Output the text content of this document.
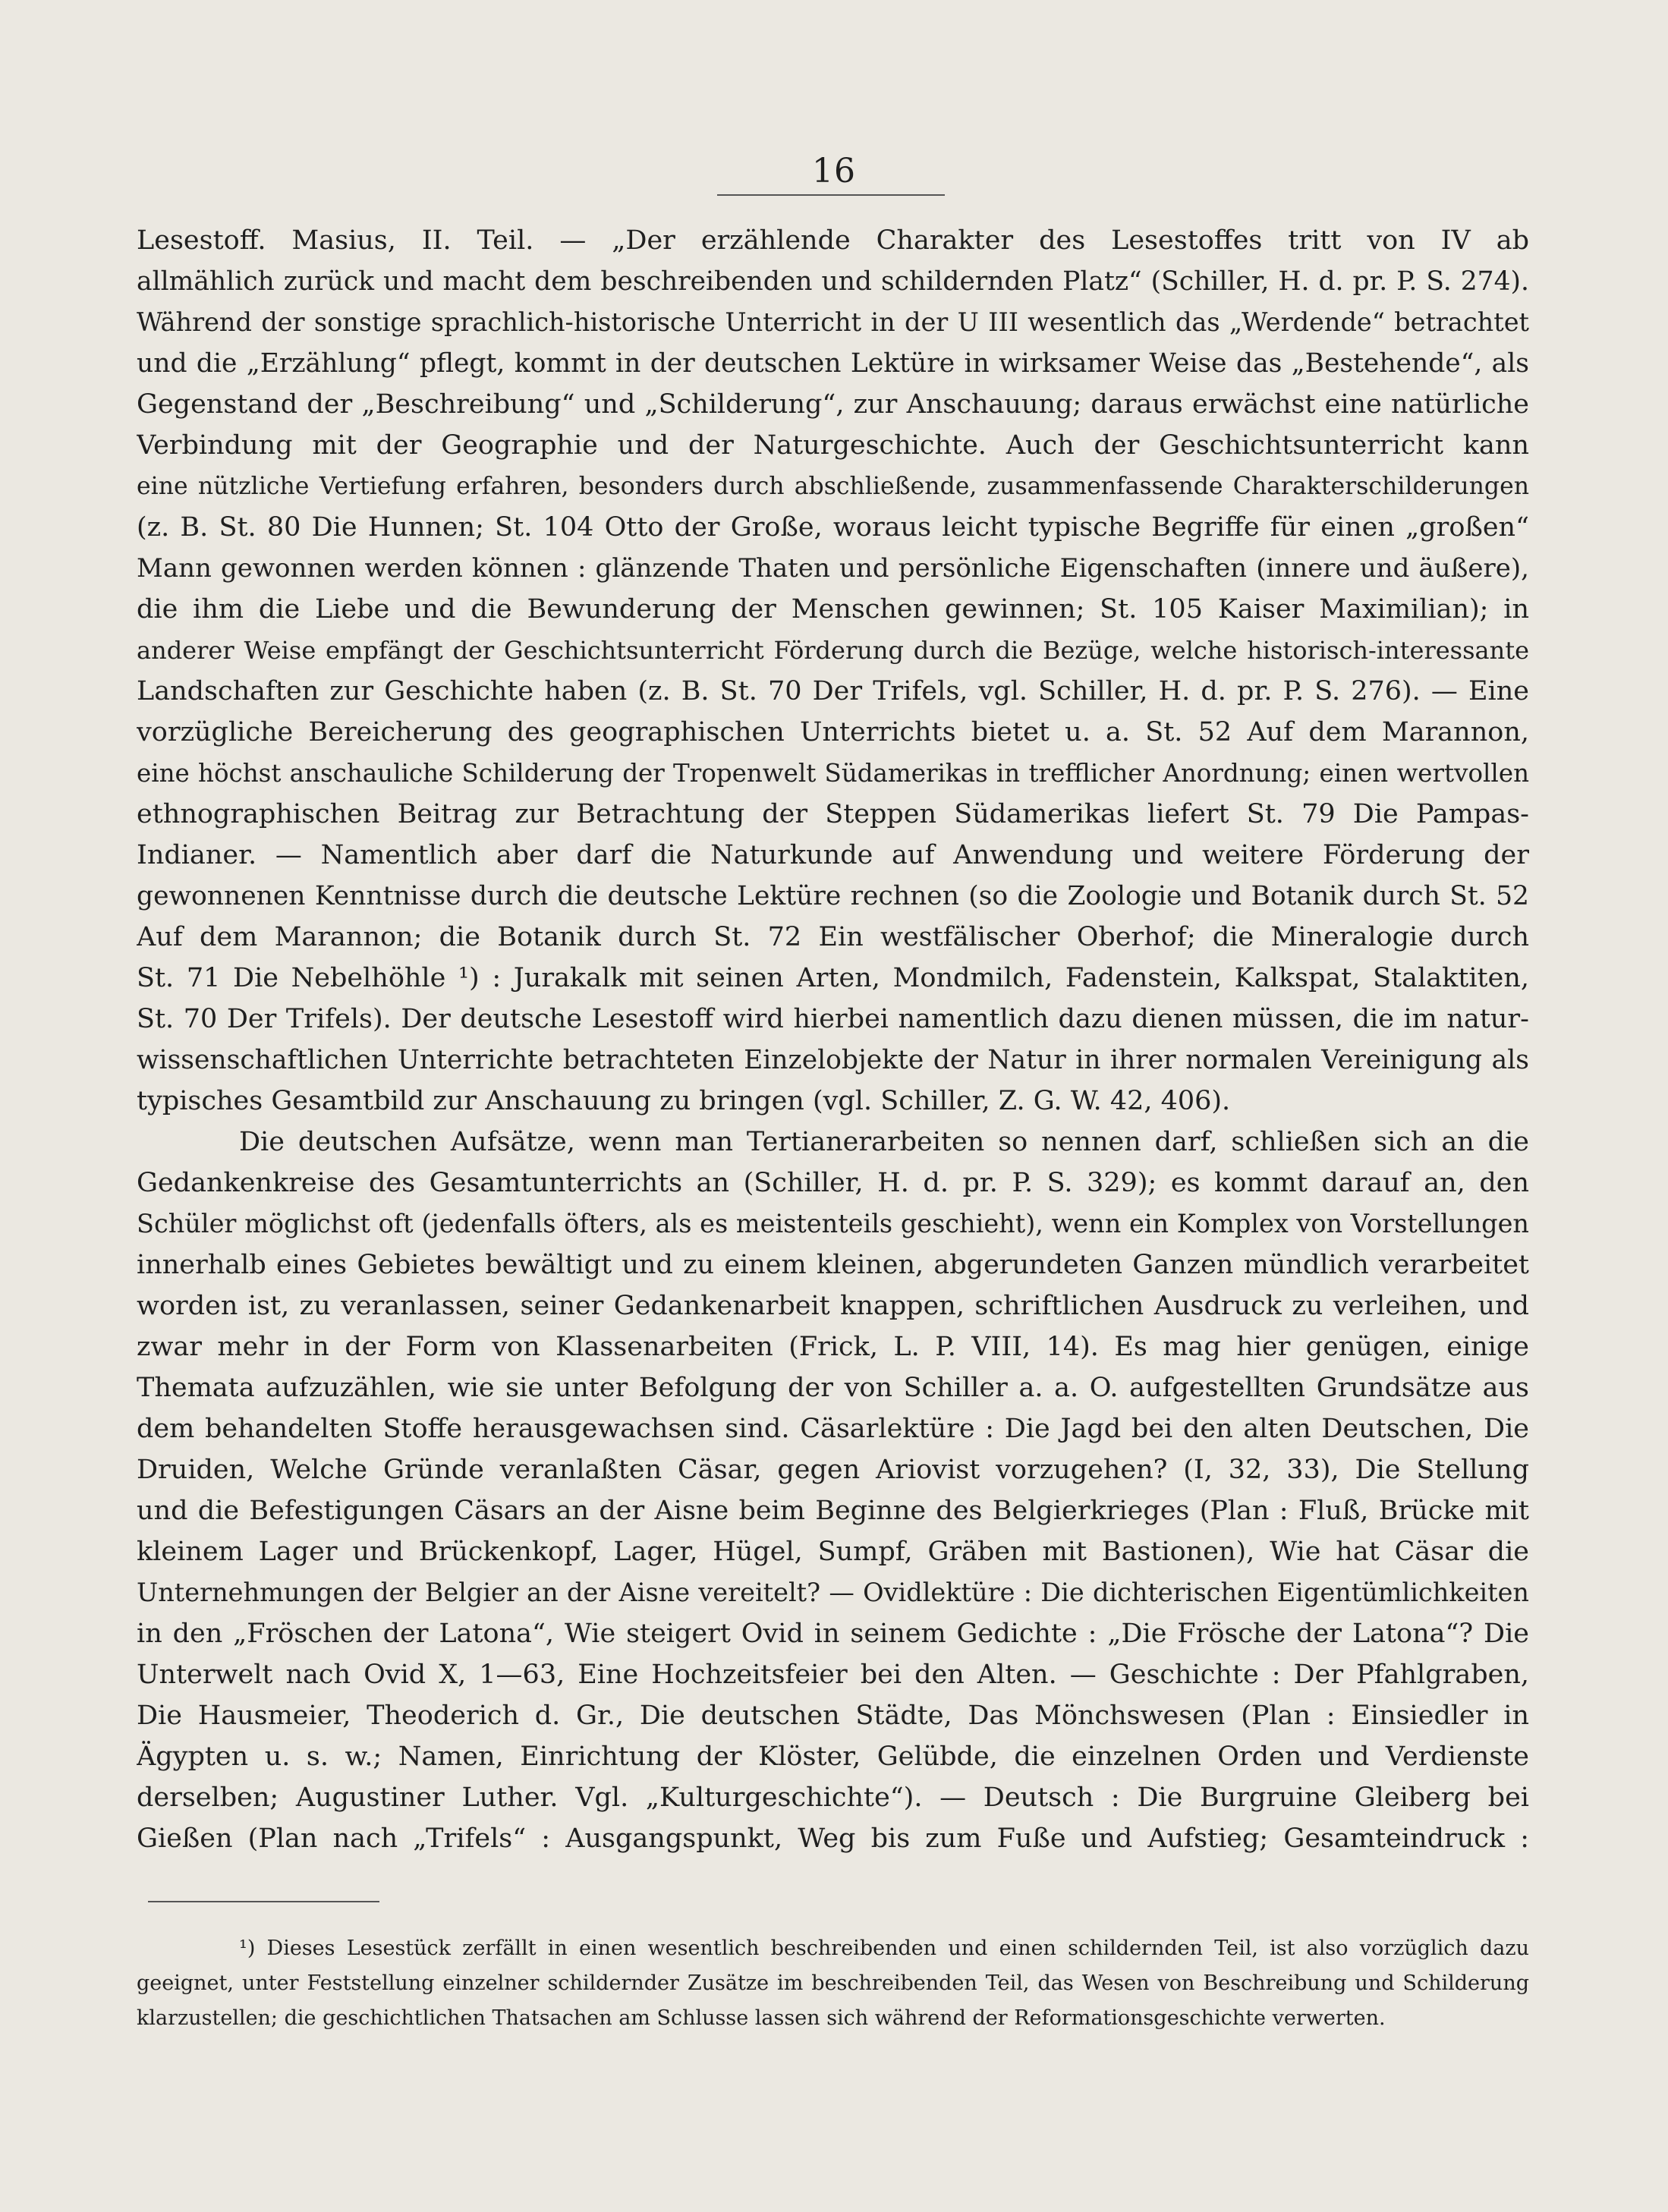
16
Lesestoff. Masius, II. Teil. — „Der erzählende Charakter des Lesestoffes tritt von IV ab
allmählich zurück und macht dem beschreibenden und schildernden Platz“ (Schiller, H. d. pr. P. S. 274).
Während der sonstige sprachlich-historische Unterricht in der U III wesentlich das „Werdende“ betrachtet
und die „Erzählung“ pflegt, kommt in der deutschen Lektüre in wirksamer Weise das „Bestehende“, als
Gegenstand der „Beschreibung“ und „Schilderung“, zur Anschauung; daraus erwächst eine natürliche
Verbindung mit der Geographie und der Naturgeschichte. Auch der Geschichtsunterricht kann
eine nützliche Vertiefung erfahren, besonders durch abschließende, zusammenfassende Charakterschilderungen
(z. B. St. 80 Die Hunnen; St. 104 Otto der Große, woraus leicht typische Begriffe für einen „großen“
Mann gewonnen werden können : glänzende Thaten und persönliche Eigenschaften (innere und äußere),
die ihm die Liebe und die Bewunderung der Menschen gewinnen; St. 105 Kaiser Maximilian); in
anderer Weise empfängt der Geschichtsunterricht Förderung durch die Bezüge, welche historisch-interessante
Landschaften zur Geschichte haben (z. B. St. 70 Der Trifels, vgl. Schiller, H. d. pr. P. S. 276). — Eine
vorzügliche Bereicherung des geographischen Unterrichts bietet u. a. St. 52 Auf dem Marannon,
eine höchst anschauliche Schilderung der Tropenwelt Südamerikas in trefflicher Anordnung; einen wertvollen
ethnographischen Beitrag zur Betrachtung der Steppen Südamerikas liefert St. 79 Die Pampas-
Indianer. — Namentlich aber darf die Naturkunde auf Anwendung und weitere Förderung der
gewonnenen Kenntnisse durch die deutsche Lektüre rechnen (so die Zoologie und Botanik durch St. 52
Auf dem Marannon; die Botanik durch St. 72 Ein westfälischer Oberhof; die Mineralogie durch
St. 71 Die Nebelhöhle ¹) : Jurakalk mit seinen Arten, Mondmilch, Fadenstein, Kalkspat, Stalaktiten,
St. 70 Der Trifels). Der deutsche Lesestoff wird hierbei namentlich dazu dienen müssen, die im natur-
wissenschaftlichen Unterrichte betrachteten Einzelobjekte der Natur in ihrer normalen Vereinigung als
typisches Gesamtbild zur Anschauung zu bringen (vgl. Schiller, Z. G. W. 42, 406).
Die deutschen Aufsätze, wenn man Tertianerarbeiten so nennen darf, schließen sich an die
Gedankenkreise des Gesamtunterrichts an (Schiller, H. d. pr. P. S. 329); es kommt darauf an, den
Schüler möglichst oft (jedenfalls öfters, als es meistenteils geschieht), wenn ein Komplex von Vorstellungen
innerhalb eines Gebietes bewältigt und zu einem kleinen, abgerundeten Ganzen mündlich verarbeitet
worden ist, zu veranlassen, seiner Gedankenarbeit knappen, schriftlichen Ausdruck zu verleihen, und
zwar mehr in der Form von Klassenarbeiten (Frick, L. P. VIII, 14). Es mag hier genügen, einige
Themata aufzuzählen, wie sie unter Befolgung der von Schiller a. a. O. aufgestellten Grundsätze aus
dem behandelten Stoffe herausgewachsen sind. Cäsarlektüre : Die Jagd bei den alten Deutschen, Die
Druiden, Welche Gründe veranlaßten Cäsar, gegen Ariovist vorzugehen? (I, 32, 33), Die Stellung
und die Befestigungen Cäsars an der Aisne beim Beginne des Belgierkrieges (Plan : Fluß, Brücke mit
kleinem Lager und Brückenkopf, Lager, Hügel, Sumpf, Gräben mit Bastionen), Wie hat Cäsar die
Unternehmungen der Belgier an der Aisne vereitelt? — Ovidlektüre : Die dichterischen Eigentümlichkeiten
in den „Fröschen der Latona“, Wie steigert Ovid in seinem Gedichte : „Die Frösche der Latona“? Die
Unterwelt nach Ovid X, 1—63, Eine Hochzeitsfeier bei den Alten. — Geschichte : Der Pfahlgraben,
Die Hausmeier, Theoderich d. Gr., Die deutschen Städte, Das Mönchswesen (Plan : Einsiedler in
Ägypten u. s. w.; Namen, Einrichtung der Klöster, Gelübde, die einzelnen Orden und Verdienste
derselben; Augustiner Luther. Vgl. „Kulturgeschichte“). — Deutsch : Die Burgruine Gleiberg bei
Gießen (Plan nach „Trifels“ : Ausgangspunkt, Weg bis zum Fuße und Aufstieg; Gesamteindruck :
¹) Dieses Lesestück zerfällt in einen wesentlich beschreibenden und einen schildernden Teil, ist also vorzüglich dazu
geeignet, unter Feststellung einzelner schildernder Zusätze im beschreibenden Teil, das Wesen von Beschreibung und Schilderung
klarzustellen; die geschichtlichen Thatsachen am Schlusse lassen sich während der Reformationsgeschichte verwerten.
